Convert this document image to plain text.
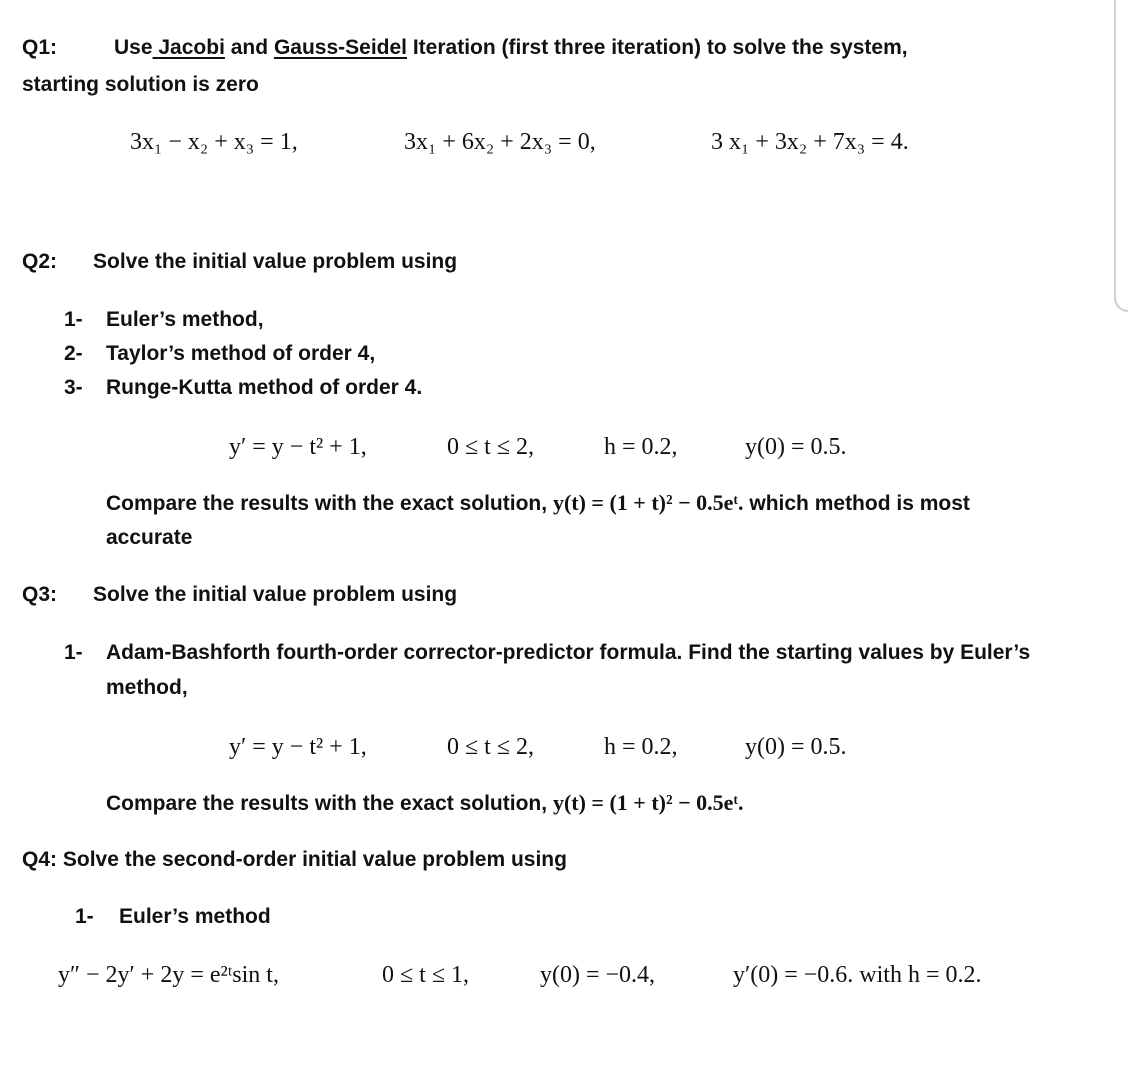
Q1:	Use Jacobi and Gauss-Seidel Iteration (first three iteration) to solve the system,
starting solution is zero
3x₁ − x₂ + x₃ = 1,	3x₁ + 6x₂ + 2x₃ = 0,	3 x₁ + 3x₂ + 7x₃ = 4.
Q2: Solve the initial value problem using
1- Euler’s method,
2- Taylor’s method of order 4,
3- Runge-Kutta method of order 4.
y′ = y − t² + 1,	0 ≤ t ≤ 2,	h = 0.2,	y(0) = 0.5.
Compare the results with the exact solution, y(t) = (1 + t)² − 0.5eᵗ. which method is most
accurate
Q3: Solve the initial value problem using
1- Adam-Bashforth fourth-order corrector-predictor formula. Find the starting values by Euler’s
method,
y′ = y − t² + 1,	0 ≤ t ≤ 2,	h = 0.2,	y(0) = 0.5.
Compare the results with the exact solution, y(t) = (1 + t)² − 0.5eᵗ.
Q4: Solve the second-order initial value problem using
1- Euler’s method
y″ − 2y′ + 2y = e²ᵗsin t,	0 ≤ t ≤ 1,	y(0) = −0.4,	y′(0) = −0.6. with h = 0.2.
